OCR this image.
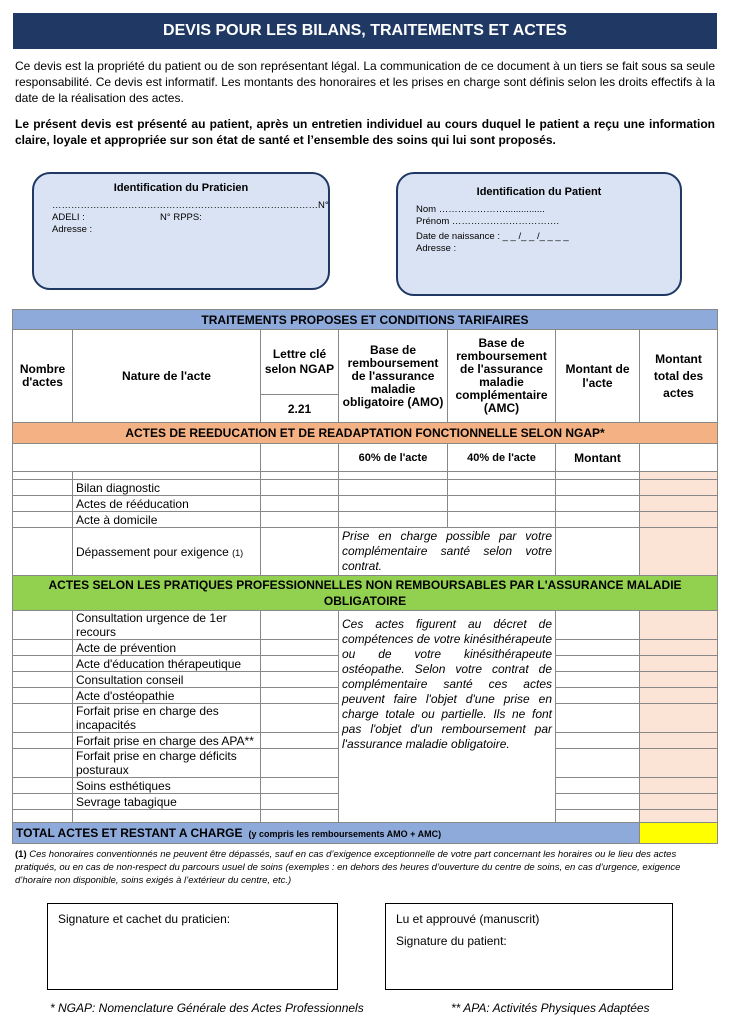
DEVIS POUR LES BILANS, TRAITEMENTS ET ACTES
Ce devis est la propriété du patient ou de son représentant légal. La communication de ce document à un tiers se fait sous sa seule responsabilité. Ce devis est informatif. Les montants des honoraires et les prises en charge sont définis selon les droits effectifs à la date de la réalisation des actes.
Le présent devis est présenté au patient, après un entretien individuel au cours duquel le patient a reçu une information claire, loyale et appropriée sur son état de santé et l’ensemble des soins qui lui sont proposés.
Identification du Praticien
…………………………………………………………………………N°
ADELI :	N° RPPS:
Adresse :
Identification du Patient
Nom …………………...............
Prénom …………………………….
Date de naissance : _ _ /_ _ /_ _ _ _
Adresse :
TRAITEMENTS PROPOSES ET CONDITIONS TARIFAIRES						
Nombre d'actes	Nature de l'acte	Lettre clé selon NGAP	Base de remboursement de l'assurance maladie obligatoire (AMO)	Base de remboursement de l'assurance maladie complémentaire (AMC)	Montant de l'acte	Montant total des actes
		2.21				
ACTES DE REEDUCATION ET DE READAPTATION FONCTIONNELLE SELON NGAP*						
			60% de l'acte	40% de l'acte	Montant	

	Bilan diagnostic					
	Actes de rééducation					
	Acte à domicile					
	Dépassement pour exigence (1)		Prise en charge possible par votre complémentaire santé selon votre contrat.			
ACTES SELON LES PRATIQUES PROFESSIONNELLES NON REMBOURSABLES PAR L'ASSURANCE MALADIE OBLIGATOIRE						
	Consultation urgence de 1er recours		Ces actes figurent au décret de compétences de votre kinésithérapeute ou de votre kinésithérapeute ostéopathe. Selon votre contrat de complémentaire santé ces actes peuvent faire l'objet d'une prise en charge totale ou partielle. Ils ne font pas l'objet d'un remboursement par l'assurance maladie obligatoire.			
	Acte de prévention					
	Acte d'éducation thérapeutique					
	Consultation conseil					
	Acte d'ostéopathie					
	Forfait prise en charge des incapacités					
	Forfait prise en charge des APA**					
	Forfait prise en charge déficits posturaux					
	Soins esthétiques					
	Sevrage tabagique					

TOTAL ACTES ET RESTANT A CHARGE (y compris les remboursements AMO + AMC)						
(1) Ces honoraires conventionnés ne peuvent être dépassés, sauf en cas d’exigence exceptionnelle de votre part concernant les horaires ou le lieu des actes pratiqués, ou en cas de non-respect du parcours usuel de soins (exemples : en dehors des heures d’ouverture du centre de soins, en cas d’urgence, exigence d’horaire non disponible, soins exigés à l’extérieur du centre, etc.)
Signature et cachet du praticien:	Lu et approuvé (manuscrit)
Signature du patient:
* NGAP: Nomenclature Générale des Actes Professionnels	** APA: Activités Physiques Adaptées
